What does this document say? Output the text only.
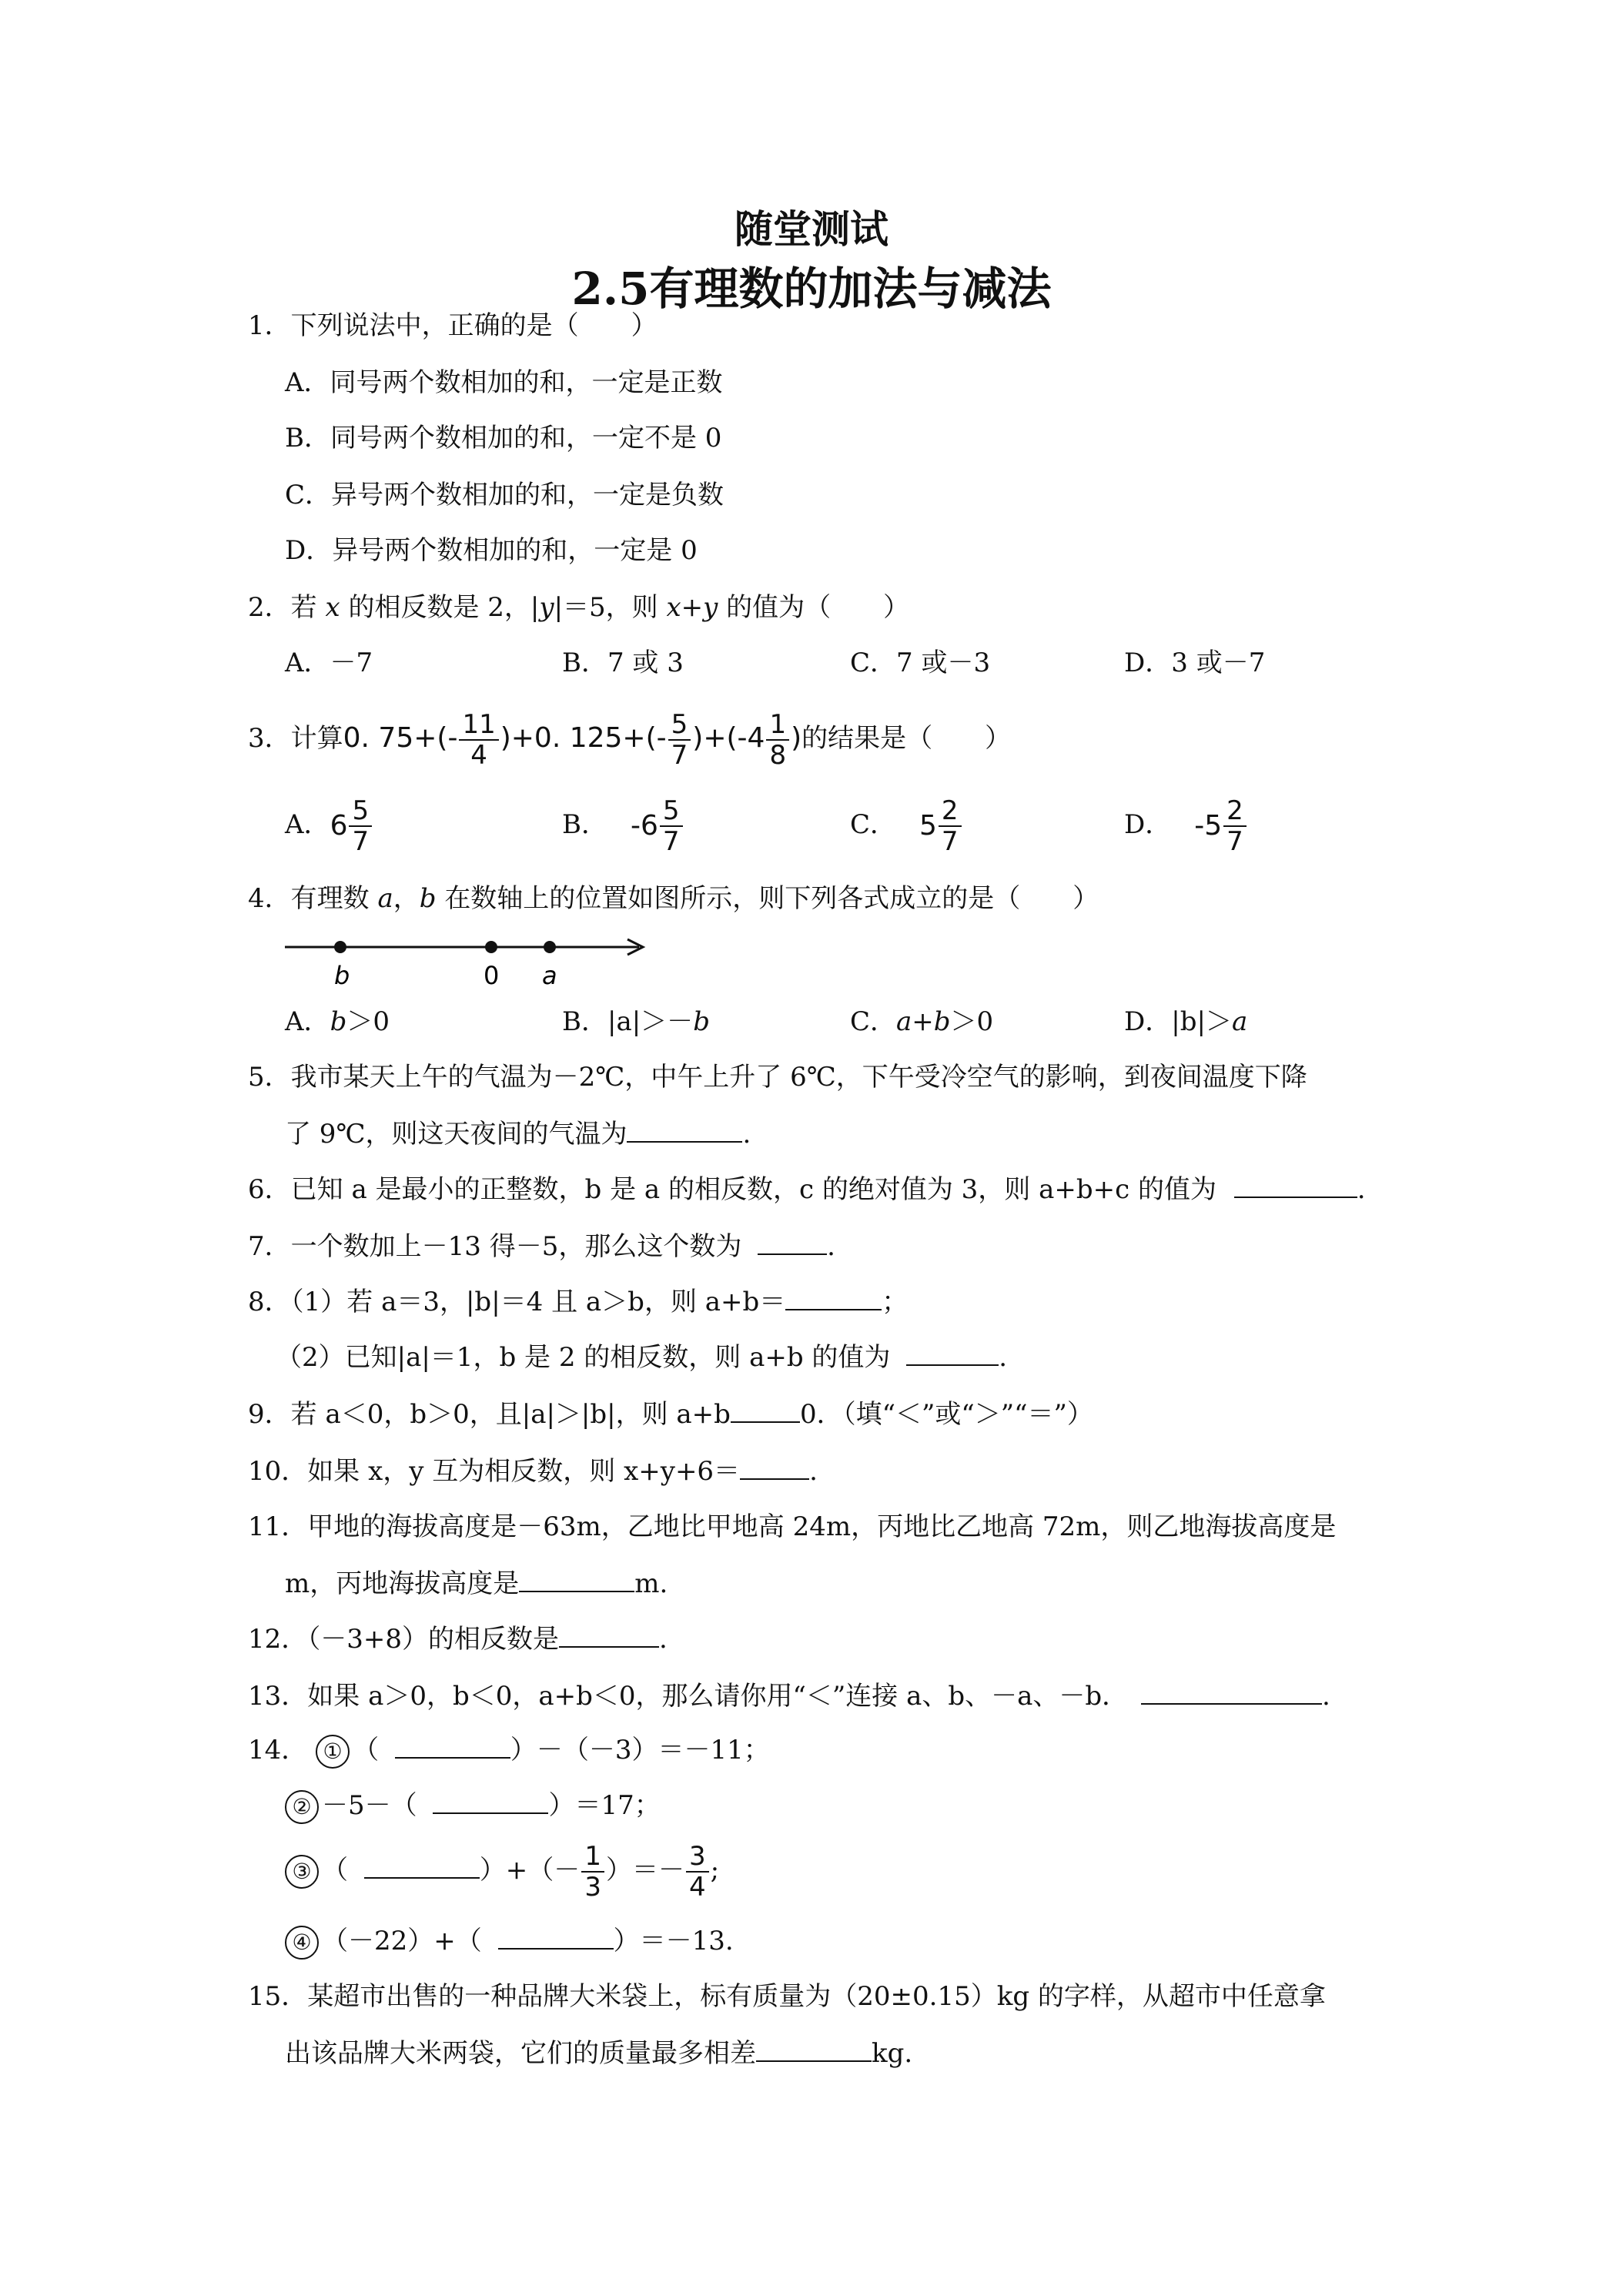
随堂测试
2.5有理数的加法与减法
1．下列说法中，正确的是（　　）
A．同号两个数相加的和，一定是正数
B．同号两个数相加的和，一定不是 0
C．异号两个数相加的和，一定是负数
D．异号两个数相加的和，一定是 0
2．若 x 的相反数是 2，|y|＝5，则 x+y 的值为（　　）
A．－7	B．7 或 3	C．7 或－3	D．3 或－7
3．计算0. $75+(- \frac{11}{4} )+0$. $125+(- \frac{5}{7} )+(-4 \frac{1}{8}$ )的结果是（　　）
A． $6 \frac{5}{7}$	B． $-6 \frac{5}{7}$	C． $5 \frac{2}{7}$	D． $-5 \frac{2}{7}$
4．有理数 a，b 在数轴上的位置如图所示，则下列各式成立的是（　　）
b	0 a
A．b＞0	B．|a|＞－b	C．a+b＞0	D．|b|＞a
5．我市某天上午的气温为－2℃，中午上升了 6℃，下午受冷空气的影响，到夜间温度下降
了 9℃，则这天夜间的气温为	.
6．已知 a 是最小的正整数，b 是 a 的相反数，c 的绝对值为 3，则 a+b+c 的值为	.
7．一个数加上－13 得－5，那么这个数为	.
8．（1）若 a＝3，|b|＝4 且 a＞b，则 a+b＝	；
（2）已知|a|＝1，b 是 2 的相反数，则 a+b 的值为	.
9．若 a＜0，b＞0，且|a|＞|b|，则 a+b	0．（填“＜”或“＞”“＝”）
10．如果 x，y 互为相反数，则 x+y+6＝	.
11．甲地的海拔高度是－63m，乙地比甲地高 24m，丙地比乙地高 72m，则乙地海拔高度是
m，丙地海拔高度是	m.
12．（－3+8）的相反数是	.
13．如果 a＞0，b＜0，a+b＜0，那么请你用“＜”连接 a、b、－a、－b．	.
14． ① （	）－（－3）＝－11；
② －5－（	）＝17；
③ （	）+（－ $\frac{1}{3}$ ）＝－ $\frac{3}{4}$ ;
④ （－22）+（	）＝－13.
15．某超市出售的一种品牌大米袋上，标有质量为（20±0.15）kg 的字样，从超市中任意拿
出该品牌大米两袋，它们的质量最多相差	kg.
